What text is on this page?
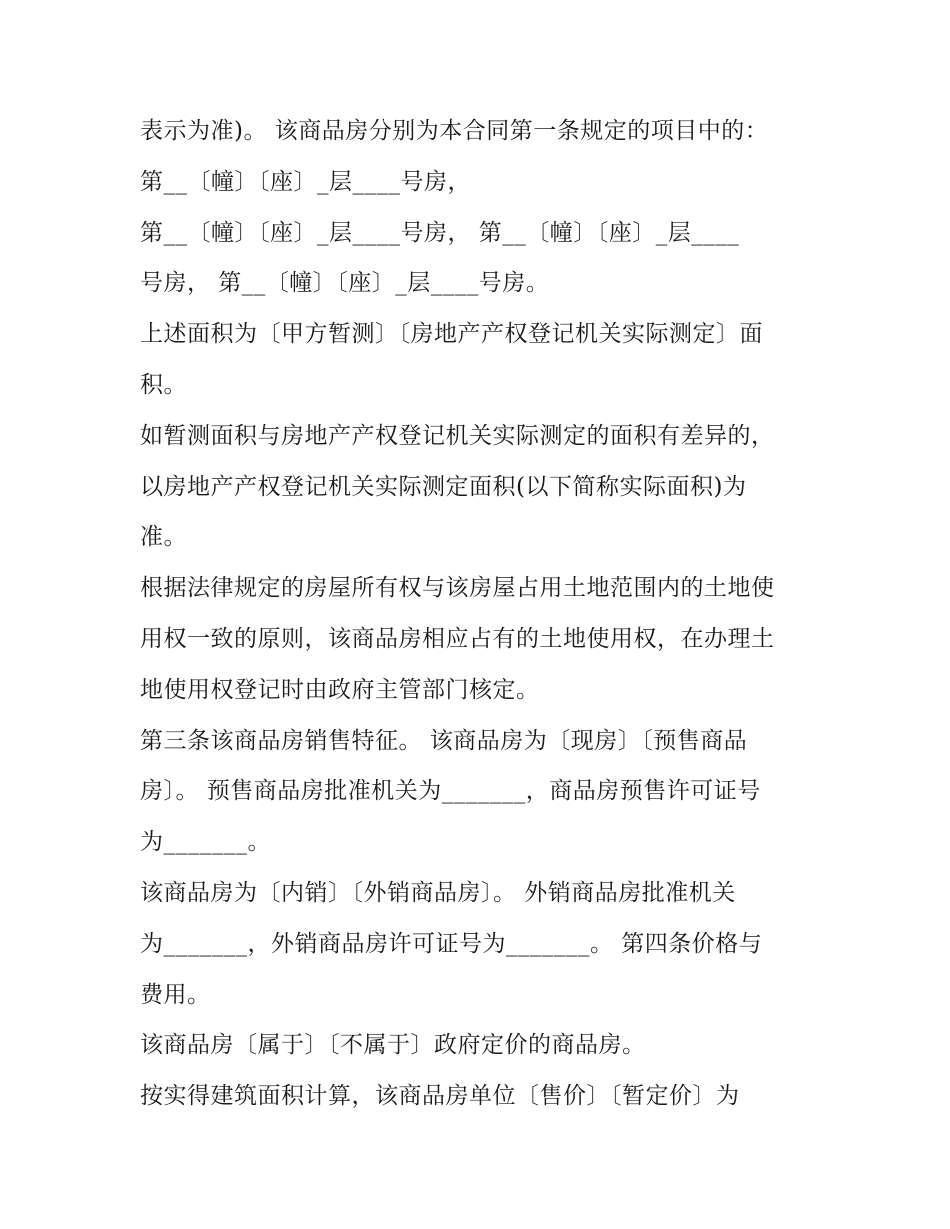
表示为准)。 该商品房分别为本合同第一条规定的项目中的：
第__〔幢〕〔座〕_层____号房，
第__〔幢〕〔座〕_层____号房， 第__〔幢〕〔座〕_层____
号房， 第__〔幢〕〔座〕_层____号房。
上述面积为〔甲方暂测〕〔房地产产权登记机关实际测定〕面
积。
如暂测面积与房地产产权登记机关实际测定的面积有差异的，
以房地产产权登记机关实际测定面积(以下简称实际面积)为
准。
根据法律规定的房屋所有权与该房屋占用土地范围内的土地使
用权一致的原则，该商品房相应占有的土地使用权，在办理土
地使用权登记时由政府主管部门核定。
第三条该商品房销售特征。 该商品房为〔现房〕〔预售商品
房〕。 预售商品房批准机关为_______，商品房预售许可证号
为_______。
该商品房为〔内销〕〔外销商品房〕。 外销商品房批准机关
为_______，外销商品房许可证号为_______。 第四条价格与
费用。
该商品房〔属于〕〔不属于〕政府定价的商品房。
按实得建筑面积计算，该商品房单位〔售价〕〔暂定价〕为
